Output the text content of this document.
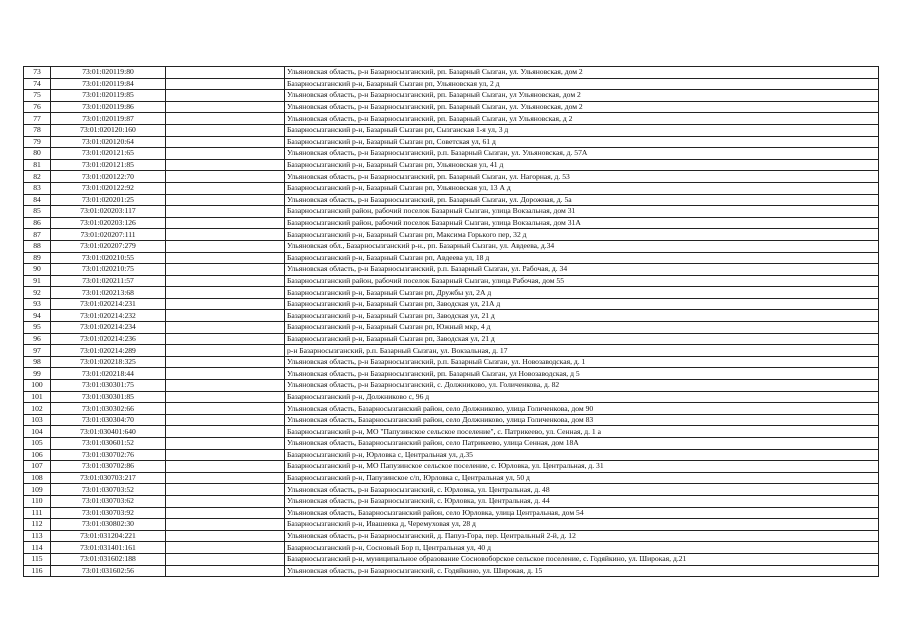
73	73:01:020119:80		Ульяновская область, р-н Базарносызганский, рп. Базарный Сызган, ул. Ульяновская, дом 2
74	73:01:020119:84		Базарносызганский р-н, Базарный Сызган рп, Ульяновская ул, 2 д
75	73:01:020119:85		Ульяновская область, р-н Базарносызганский, рп. Базарный Сызган, ул Ульяновская, дом 2
76	73:01:020119:86		Ульяновская область, р-н Базарносызганский, рп. Базарный Сызган, ул. Ульяновская, дом 2
77	73:01:020119:87		Ульяновская область, р-н Базарносызганский, рп. Базарный Сызган, ул Ульяновская, д 2
78	73:01:020120:160		Базарносызганский р-н, Базарный Сызган рп, Сызганская 1-я ул, 3 д
79	73:01:020120:64		Базарносызганский р-н, Базарный Сызган рп, Советская ул, 61 д
80	73:01:020121:65		Ульяновская область, р-н Базарносызганский, р.п. Базарный Сызган, ул. Ульяновская, д. 57А
81	73:01:020121:85		Базарносызганский р-н, Базарный Сызган рп, Ульяновская ул, 41 д
82	73:01:020122:70		Ульяновская область, р-н Базарносызганский, рп. Базарный Сызган, ул. Нагорная, д. 53
83	73:01:020122:92		Базарносызганский р-н, Базарный Сызган рп, Ульяновская ул, 13 А д
84	73:01:020201:25		Ульяновская область, р-н Базарносызганский, рп. Базарный Сызган, ул. Дорожная, д. 5а
85	73:01:020203:117		Базарносызганский район, рабочий поселок Базарный Сызган, улица Вокзальная, дом 31
86	73:01:020203:126		Базарносызганский район, рабочий поселок Базарный Сызган, улица Вокзальная, дом 31А
87	73:01:020207:111		Базарносызганский р-н, Базарный Сызган рп, Максима Горького пер, 32 д
88	73:01:020207:279		Ульяновская обл., Базарносызганский р-н., рп. Базарный Сызган, ул. Авдеева, д.34
89	73:01:020210:55		Базарносызганский р-н, Базарный Сызган рп, Авдеева ул, 18 д
90	73:01:020210:75		Ульяновская область, р-н Базарносызганский, р.п. Базарный Сызган, ул. Рабочая, д. 34
91	73:01:020211:57		Базарносызганский район, рабочий поселок Базарный Сызган, улица Рабочая, дом 55
92	73:01:020213:68		Базарносызганский р-н, Базарный Сызган рп, Дружбы ул, 2А д
93	73:01:020214:231		Базарносызганский р-н, Базарный Сызган рп, Заводская ул, 21А д
94	73:01:020214:232		Базарносызганский р-н, Базарный Сызган рп, Заводская ул, 21 д
95	73:01:020214:234		Базарносызганский р-н, Базарный Сызган рп, Южный мкр, 4 д
96	73:01:020214:236		Базарносызганский р-н, Базарный Сызган рп, Заводская ул, 21 д
97	73:01:020214:289		р-н Базарносызганский, р.п. Базарный Сызган, ул. Вокзальная, д. 17
98	73:01:020218:325		Ульяновская область, р-н Базарносызганский, р.п. Базарный Сызган, ул. Новозаводская, д. 1
99	73:01:020218:44		Ульяновская область, р-н Базарносызганский, рп. Базарный Сызган, ул Новозаводская, д 5
100	73:01:030301:75		Ульяновская область, р-н Базарносызганский, с. Должниково, ул. Голиченкова, д. 82
101	73:01:030301:85		Базарносызганский р-н, Должниково с, 96 д
102	73:01:030302:66		Ульяновская область, Базарносызганский район, село Должниково, улица Голиченкова, дом 90
103	73:01:030304:70		Ульяновская область, Базарносызганский район, село Должниково, улица Голиченкова, дом 83
104	73:01:030401:640		Базарносызганский р-н, МО "Папузинское сельское поселение", с. Патрикеево, ул. Сенная, д. 1 а
105	73:01:030601:52		Ульяновская область, Базарносызганский район, село Патрикеево, улица Сенная, дом 18А
106	73:01:030702:76		Базарносызганский р-н, Юрловка с, Центральная ул, д.35
107	73:01:030702:86		Базарносызганский р-н, МО Папузинское сельское поселение, с. Юрловка, ул. Центральная, д. 31
108	73:01:030703:217		Базарносызганский р-н, Папузинское с/п, Юрловка с, Центральная ул, 50 д
109	73:01:030703:52		Ульяновская область, р-н Базарносызганский, с. Юрловка, ул. Центральная, д. 48
110	73:01:030703:62		Ульяновская область, р-н Базарносызганский, с. Юрловка, ул. Центральная, д. 44
111	73:01:030703:92		Ульяновская область, Базарносызганский район, село Юрловка, улица Центральная, дом 54
112	73:01:030802:30		Базарносызганский р-н, Ивашевка д, Черемуховая ул, 28 д
113	73:01:031204:221		Ульяновская область, р-н Базарносызганский, д. Папуз-Гора, пер. Центральный 2-й, д. 12
114	73:01:031401:161		Базарносызганский р-н, Сосновый Бор п, Центральная ул, 40 д
115	73:01:031602:188		Базарносызганский р-н, муниципальное образование Сосновоборское сельское поселение, с. Годяйкино, ул. Широкая, д.21
116	73:01:031602:56		Ульяновская область, р-н Базарносызганский, с. Годяйкино, ул. Широкая, д. 15
